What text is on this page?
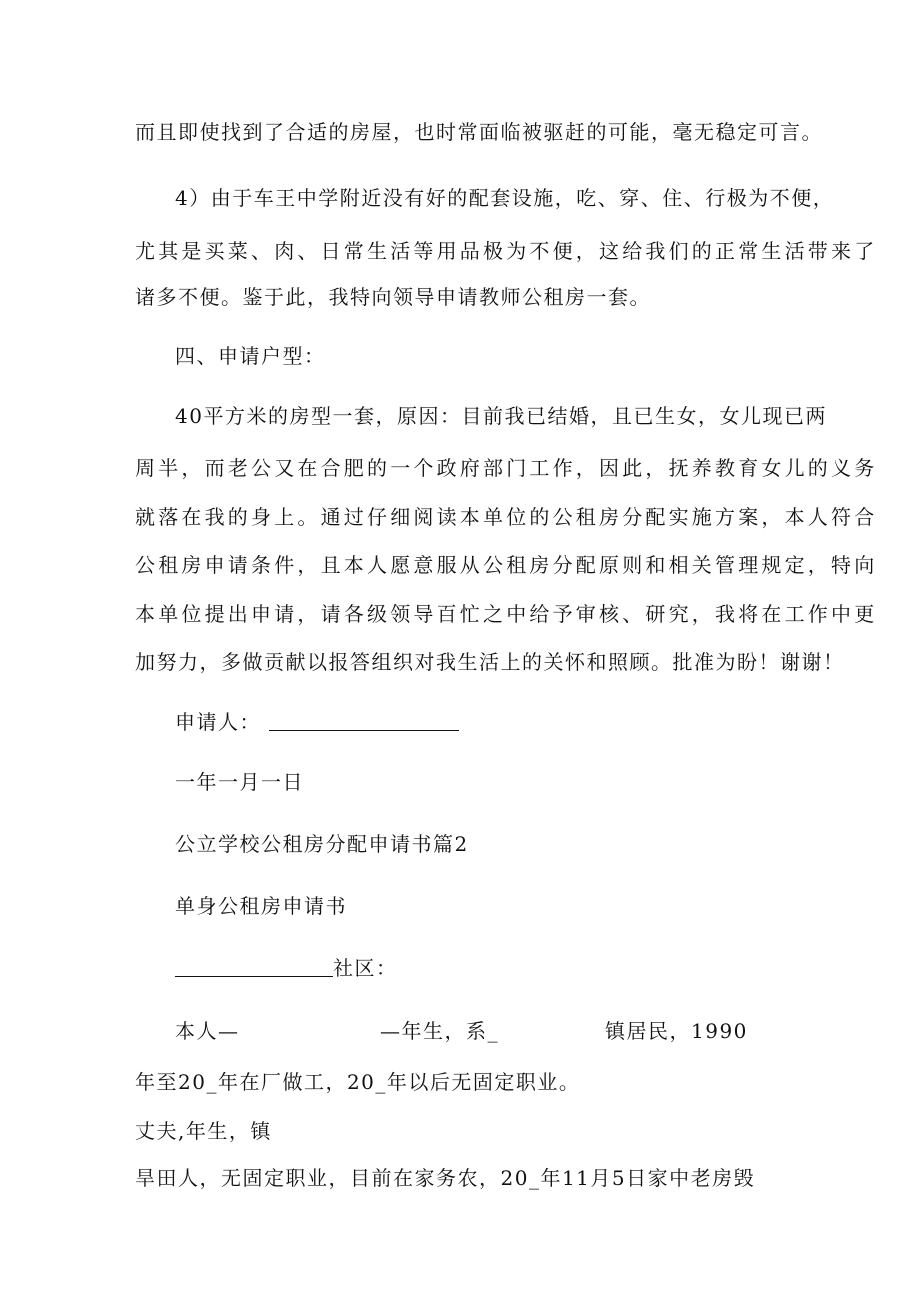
而且即使找到了合适的房屋，也时常面临被驱赶的可能，毫无稳定可言。
4）由于车王中学附近没有好的配套设施，吃、穿、住、行极为不便，
尤其是买菜、肉、日常生活等用品极为不便，这给我们的正常生活带来了
诸多不便。鉴于此，我特向领导申请教师公租房一套。
四、申请户型：
40平方米的房型一套，原因：目前我已结婚，且已生女，女儿现已两
周半，而老公又在合肥的一个政府部门工作，因此，抚养教育女儿的义务
就落在我的身上。通过仔细阅读本单位的公租房分配实施方案，本人符合
公租房申请条件，且本人愿意服从公租房分配原则和相关管理规定，特向
本单位提出申请，请各级领导百忙之中给予审核、研究，我将在工作中更
加努力，多做贡献以报答组织对我生活上的关怀和照顾。批准为盼！谢谢！
申请人：
一年一月一日
公立学校公租房分配申请书篇2
单身公租房申请书
社区：
本人—	—年生，系_	镇居民，1990
年至20_年在厂做工，20_年以后无固定职业。
丈夫,年生，镇
旱田人，无固定职业，目前在家务农，20_年11月5日家中老房毁
